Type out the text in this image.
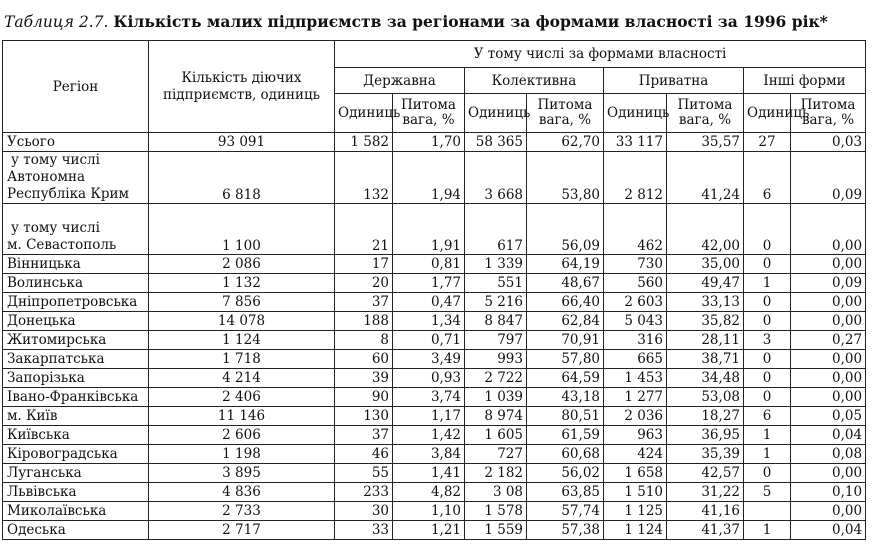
Таблиця 2.7. Кількість малих підприємств за регіонами за формами власності за 1996 рік*
Регіон	Кількість діючих підприємств, одиниць	У тому числі за формами власності							
		Державна		Колективна		Приватна		Інші форми	
		Одиниць	Питома вага, %	Одиниць	Питома вага, %	Одиниць	Питома вага, %	Одиниць	Питома вага, %

Усього	93 091	1 582	1,70	58 365	62,70	33 117	35,57	27	0,03

у тому числі
Автономна
Республіка Крим	6 818	132	1,94	3 668	53,80	2 812	41,24	6	0,09

у тому числі
м. Севастополь	1 100	21	1,91	617	56,09	462	42,00	0	0,00

Вінницька	2 086	17	0,81	1 339	64,19	730	35,00	0	0,00

Волинська	1 132	20	1,77	551	48,67	560	49,47	1	0,09

Дніпропетровська	7 856	37	0,47	5 216	66,40	2 603	33,13	0	0,00

Донецька	14 078	188	1,34	8 847	62,84	5 043	35,82	0	0,00

Житомирська	1 124	8	0,71	797	70,91	316	28,11	3	0,27

Закарпатська	1 718	60	3,49	993	57,80	665	38,71	0	0,00

Запорізька	4 214	39	0,93	2 722	64,59	1 453	34,48	0	0,00

Івано-Франківська	2 406	90	3,74	1 039	43,18	1 277	53,08	0	0,00

м. Київ	11 146	130	1,17	8 974	80,51	2 036	18,27	6	0,05

Київська	2 606	37	1,42	1 605	61,59	963	36,95	1	0,04

Кіровоградська	1 198	46	3,84	727	60,68	424	35,39	1	0,08

Луганська	3 895	55	1,41	2 182	56,02	1 658	42,57	0	0,00

Львівська	4 836	233	4,82	3 08	63,85	1 510	31,22	5	0,10

Миколаївська	2 733	30	1,10	1 578	57,74	1 125	41,16		0,00

Одеська	2 717	33	1,21	1 559	57,38	1 124	41,37	1	0,04
